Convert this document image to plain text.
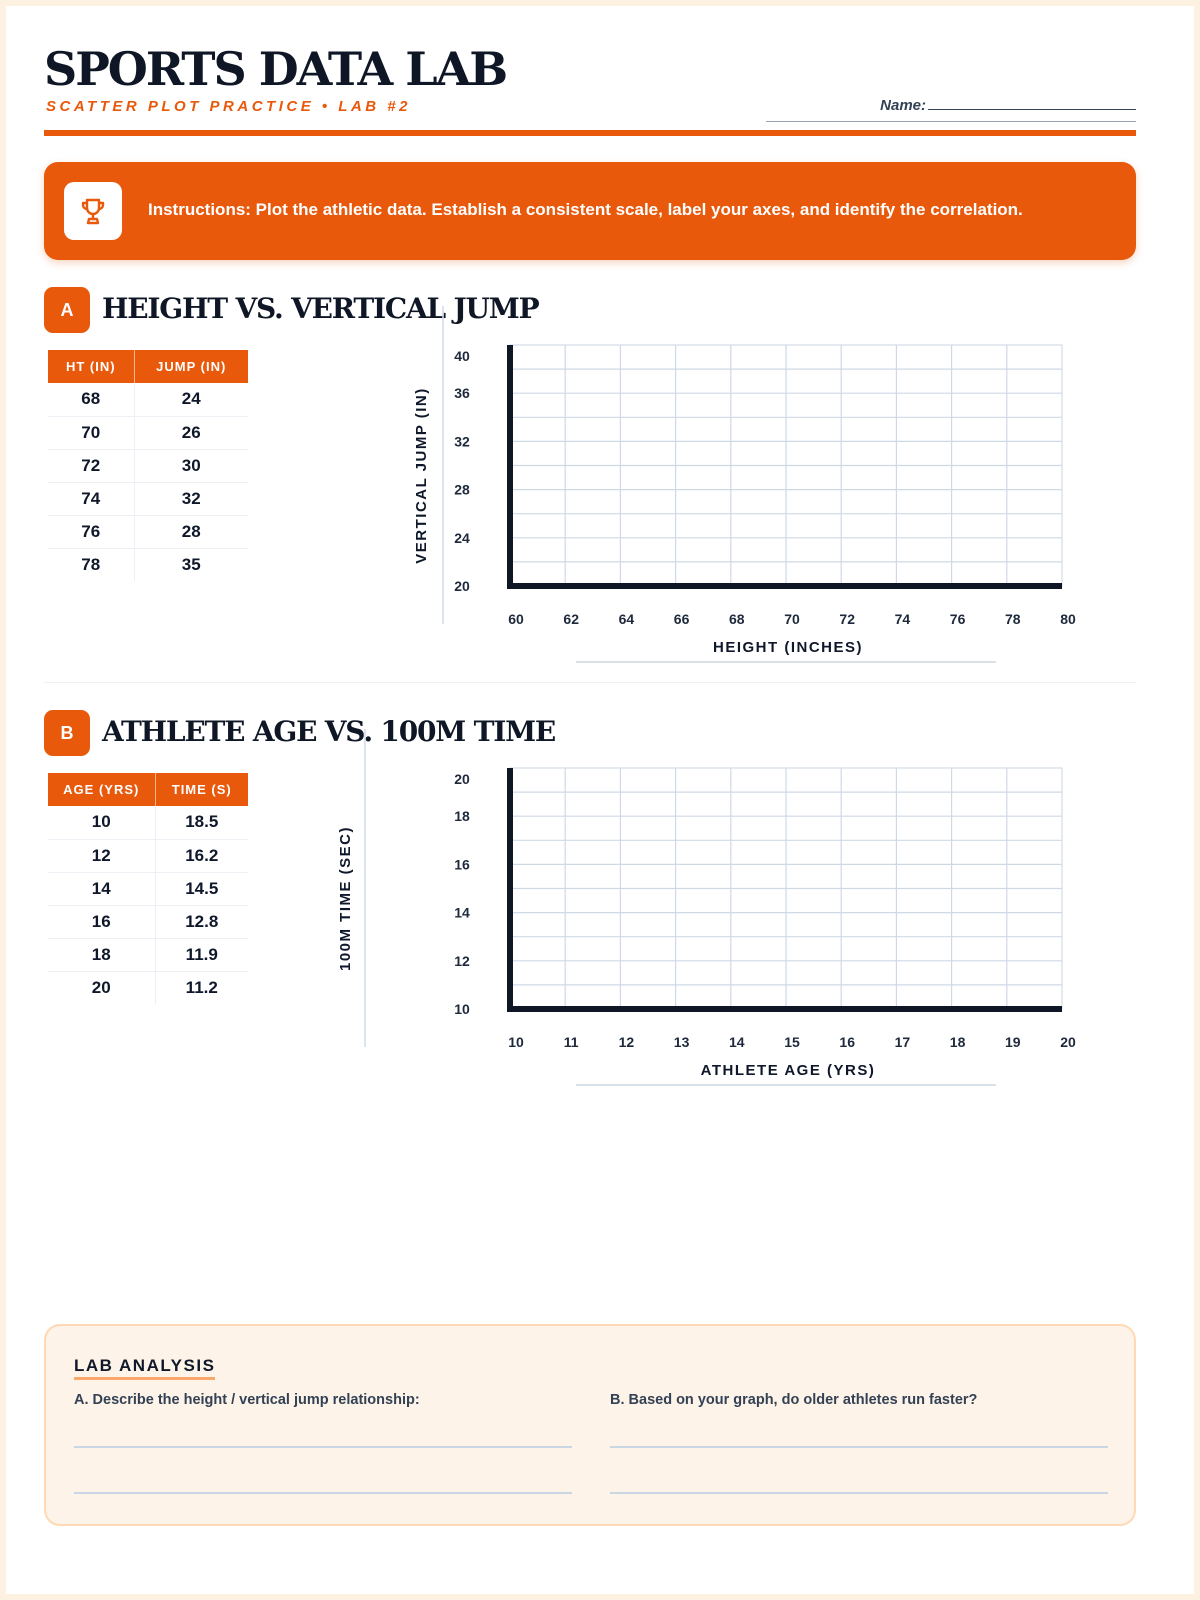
SPORTS DATA LAB
SCATTER PLOT PRACTICE • LAB #2	Name:
Instructions: Plot the athletic data. Establish a consistent scale, label your axes, and identify the correlation.
A	HEIGHT VS. VERTICAL JUMP
HT (IN)	JUMP (IN)
68	24
70	26
72	30
74	32
76	28
78	35
B	ATHLETE AGE VS. 100M TIME
AGE (YRS)	TIME (S)
10	18.5
12	16.2
14	14.5
16	12.8
18	11.9
20	11.2
60	62	64	66	68	70	72	74	76	78	80
20
24
28
32
36
40
HEIGHT (INCHES)
VERTICAL JUMP (IN)
10	11	12	13	14	15	16	17	18	19	20
10
12
14
16
18
20
ATHLETE AGE (YRS)
100M TIME (SEC)
LAB ANALYSIS
A. Describe the height / vertical jump relationship:	B. Based on your graph, do older athletes run faster?
